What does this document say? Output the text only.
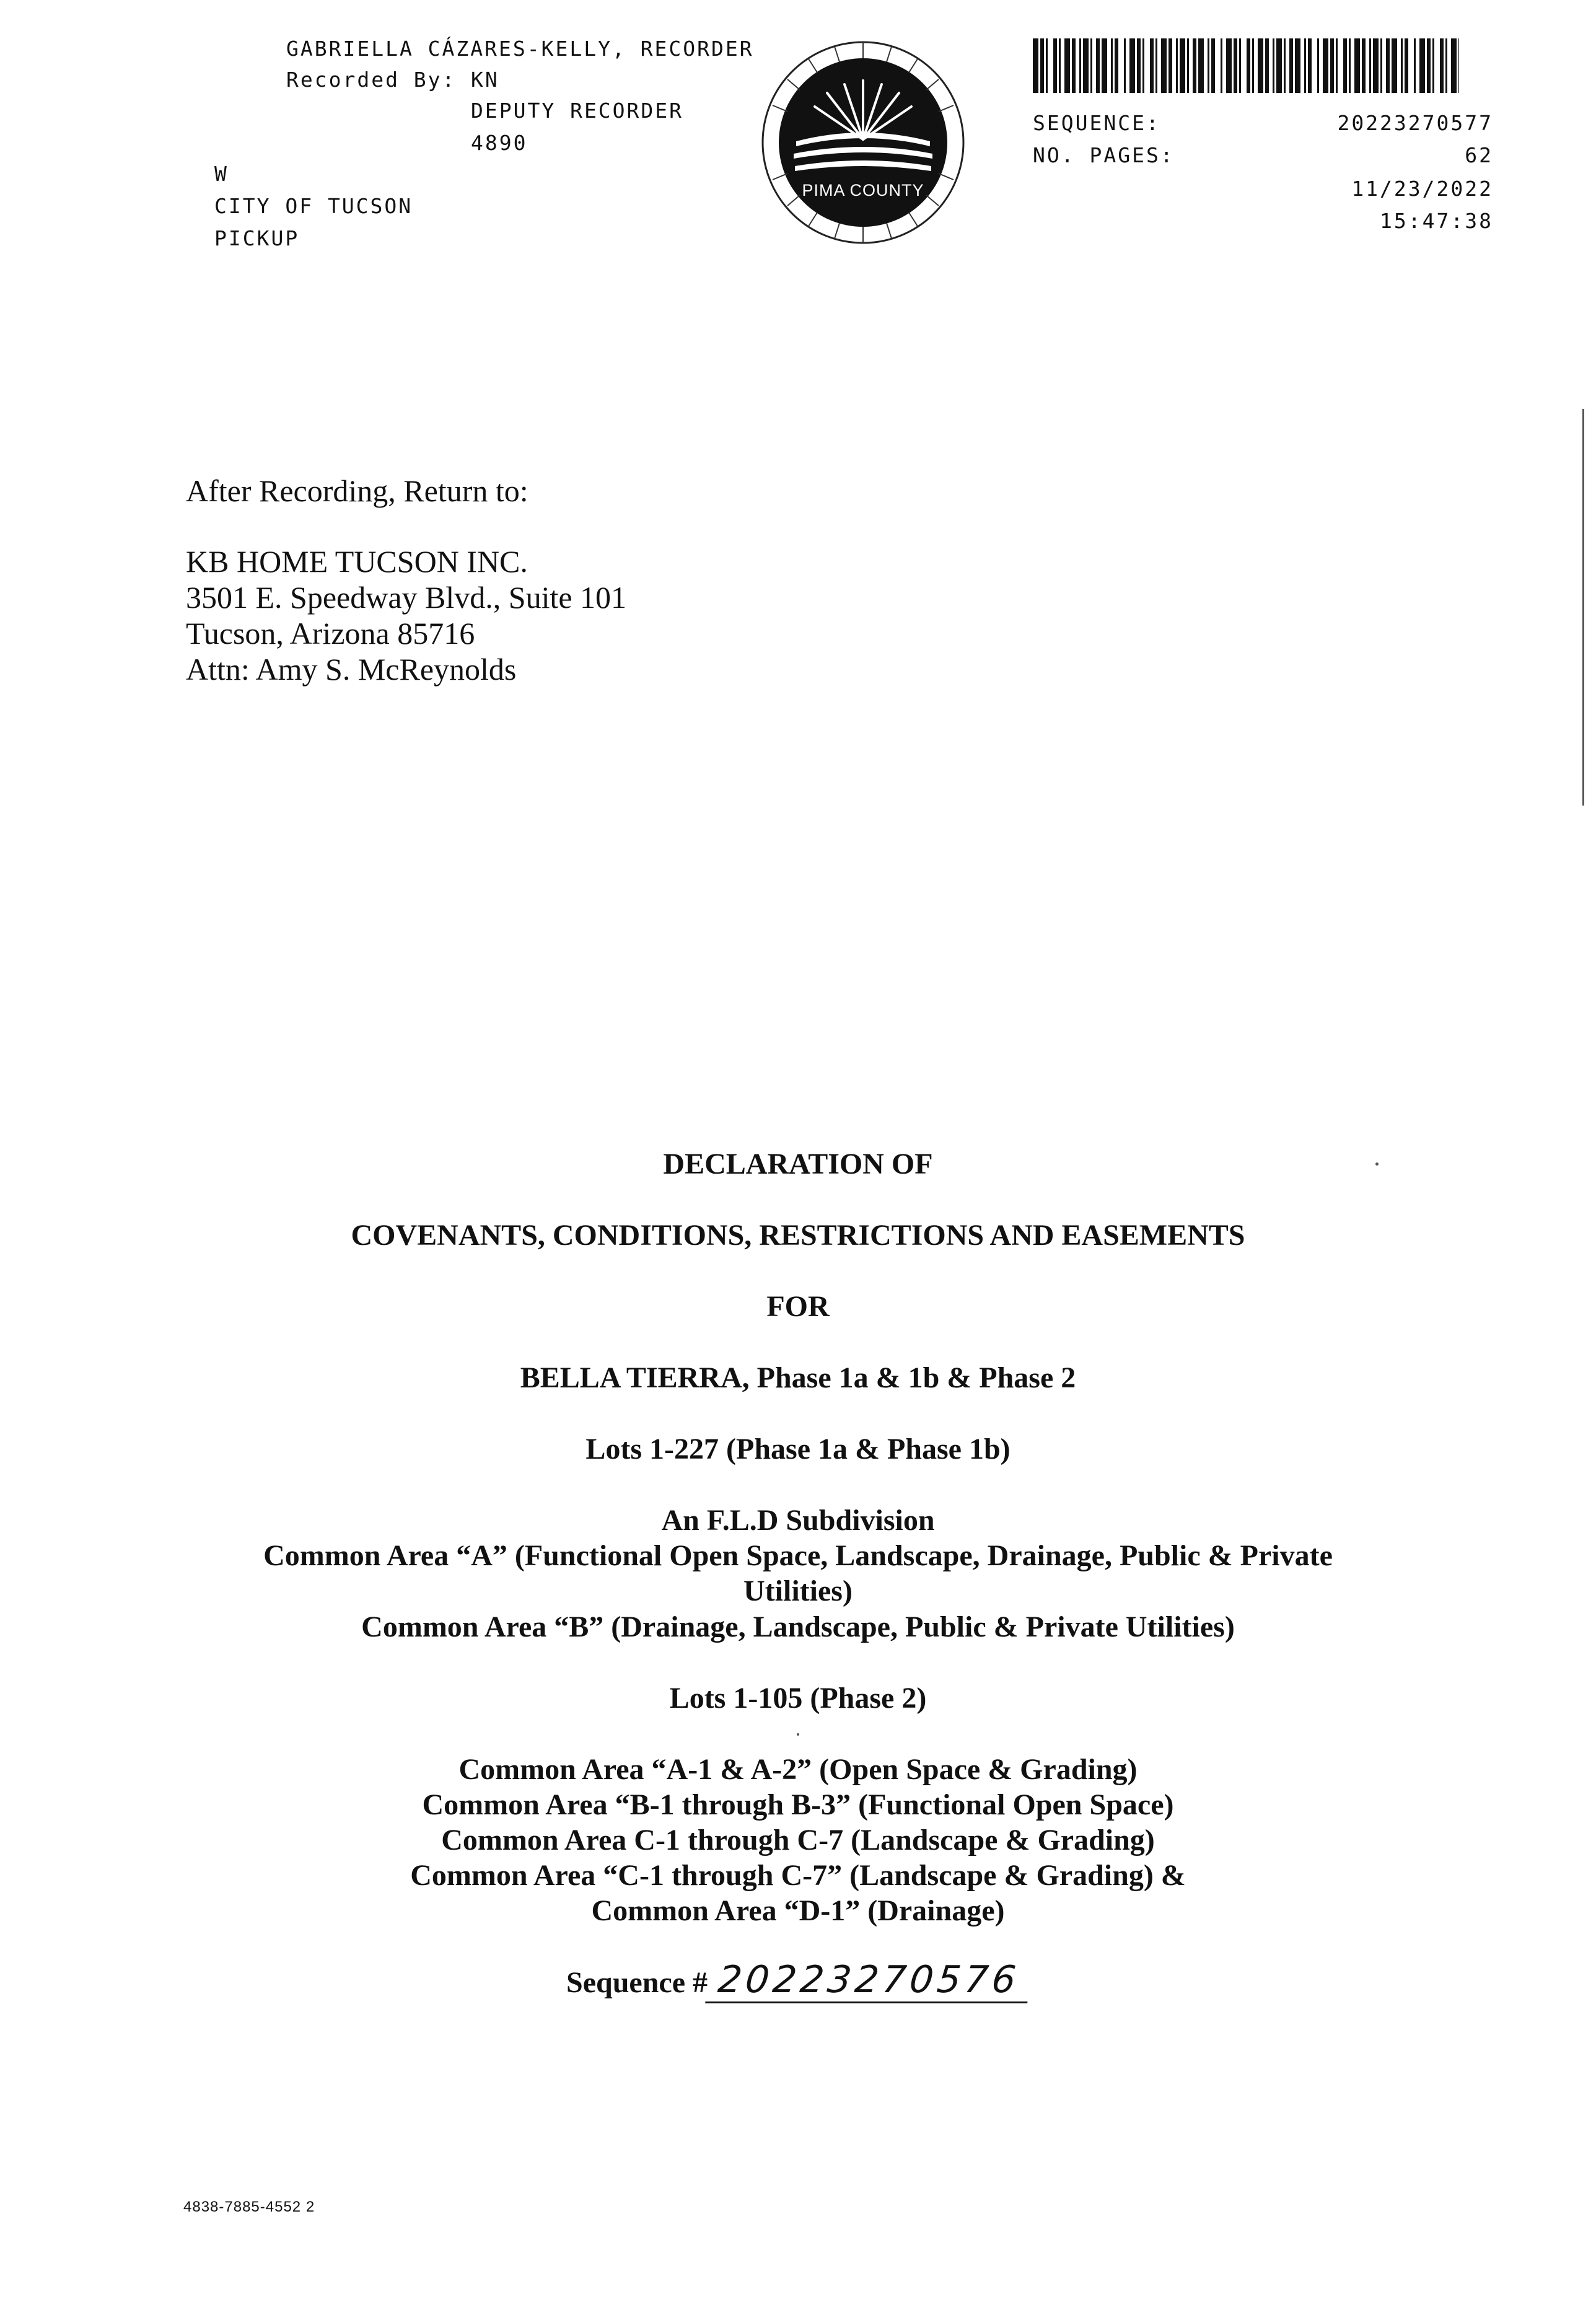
GABRIELLA CÁZARES-KELLY, RECORDER
Recorded By: KN
DEPUTY RECORDER
4890
W
CITY OF TUCSON
PICKUP
PIMA COUNTY
SEQUENCE:	20223270577
NO. PAGES:	62
11/23/2022
15:47:38
After Recording, Return to:
KB HOME TUCSON INC.
3501 E. Speedway Blvd., Suite 101
Tucson, Arizona 85716
Attn: Amy S. McReynolds
DECLARATION OF
COVENANTS, CONDITIONS, RESTRICTIONS AND EASEMENTS
FOR
BELLA TIERRA, Phase 1a & 1b & Phase 2
Lots 1-227 (Phase 1a & Phase 1b)
An F.L.D Subdivision
Common Area “A” (Functional Open Space, Landscape, Drainage, Public & Private
Utilities)
Common Area “B” (Drainage, Landscape, Public & Private Utilities)
Lots 1-105 (Phase 2)
Common Area “A-1 & A-2” (Open Space & Grading)
Common Area “B-1 through B-3” (Functional Open Space)
Common Area C-1 through C-7 (Landscape & Grading)
Common Area “C-1 through C-7” (Landscape & Grading) &
Common Area “D-1” (Drainage)
Sequence # 20223270576
4838-7885-4552 2
